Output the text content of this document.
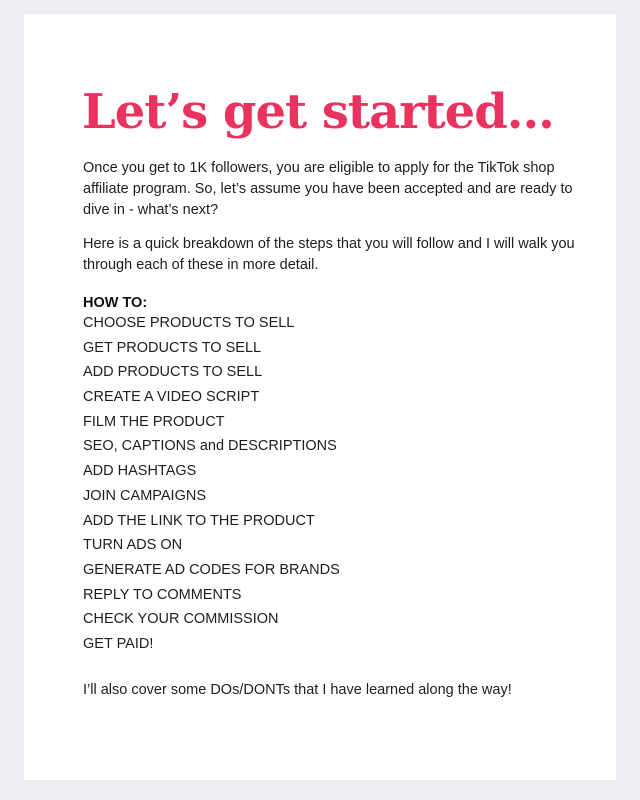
Let’s get started...

Once you get to 1K followers, you are eligible to apply for the TikTok shop affiliate program. So, let’s assume you have been accepted and are ready to dive in - what’s next?

Here is a quick breakdown of the steps that you will follow and I will walk you through each of these in more detail.

HOW TO:
CHOOSE PRODUCTS TO SELL
GET PRODUCTS TO SELL
ADD PRODUCTS TO SELL
CREATE A VIDEO SCRIPT
FILM THE PRODUCT
SEO, CAPTIONS and DESCRIPTIONS
ADD HASHTAGS
JOIN CAMPAIGNS
ADD THE LINK TO THE PRODUCT
TURN ADS ON
GENERATE AD CODES FOR BRANDS
REPLY TO COMMENTS
CHECK YOUR COMMISSION
GET PAID!

I’ll also cover some DOs/DONTs that I have learned along the way!
